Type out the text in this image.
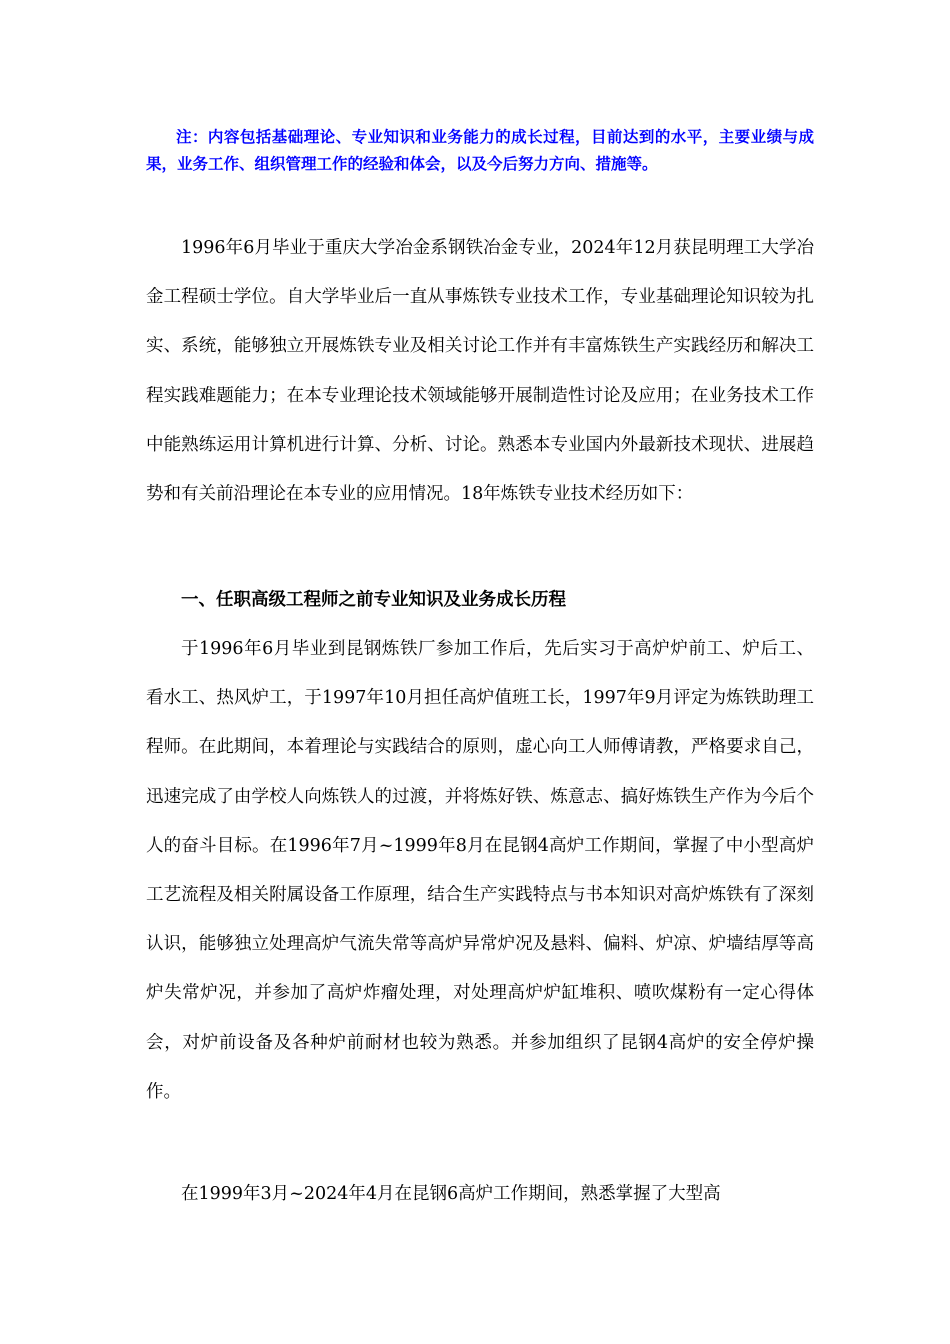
注：内容包括基础理论、专业知识和业务能力的成长过程，目前达到的水平，主要业绩与成果，业务工作、组织管理工作的经验和体会，以及今后努力方向、措施等。

1996年6月毕业于重庆大学冶金系钢铁冶金专业，2024年12月获昆明理工大学冶金工程硕士学位。自大学毕业后一直从事炼铁专业技术工作，专业基础理论知识较为扎实、系统，能够独立开展炼铁专业及相关讨论工作并有丰富炼铁生产实践经历和解决工程实践难题能力；在本专业理论技术领域能够开展制造性讨论及应用；在业务技术工作中能熟练运用计算机进行计算、分析、讨论。熟悉本专业国内外最新技术现状、进展趋势和有关前沿理论在本专业的应用情况。18年炼铁专业技术经历如下：

一、任职高级工程师之前专业知识及业务成长历程

于1996年6月毕业到昆钢炼铁厂参加工作后，先后实习于高炉炉前工、炉后工、看水工、热风炉工，于1997年10月担任高炉值班工长，1997年9月评定为炼铁助理工程师。在此期间，本着理论与实践结合的原则，虚心向工人师傅请教，严格要求自己，迅速完成了由学校人向炼铁人的过渡，并将炼好铁、炼意志、搞好炼铁生产作为今后个人的奋斗目标。在1996年7月~1999年8月在昆钢4高炉工作期间，掌握了中小型高炉工艺流程及相关附属设备工作原理，结合生产实践特点与书本知识对高炉炼铁有了深刻认识，能够独立处理高炉气流失常等高炉异常炉况及悬料、偏料、炉凉、炉墙结厚等高炉失常炉况，并参加了高炉炸瘤处理，对处理高炉炉缸堆积、喷吹煤粉有一定心得体会，对炉前设备及各种炉前耐材也较为熟悉。并参加组织了昆钢4高炉的安全停炉操作。

在1999年3月~2024年4月在昆钢6高炉工作期间，熟悉掌握了大型高
